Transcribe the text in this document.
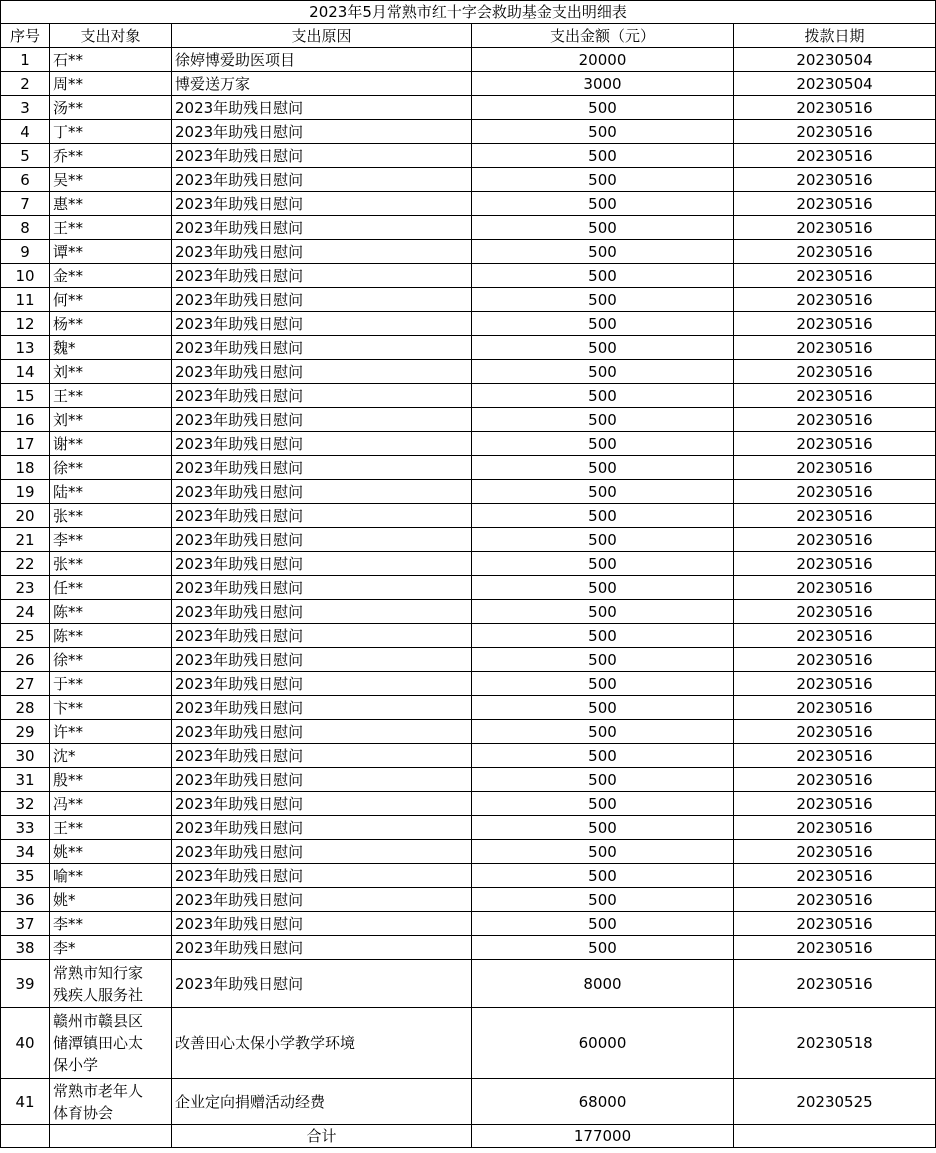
2023年5月常熟市红十字会救助基金支出明细表				
序号	支出对象	支出原因	支出金额（元）	拨款日期
1	石**	徐婷博爱助医项目	20000	20230504
2	周**	博爱送万家	3000	20230504
3	汤**	2023年助残日慰问	500	20230516
4	丁**	2023年助残日慰问	500	20230516
5	乔**	2023年助残日慰问	500	20230516
6	吴**	2023年助残日慰问	500	20230516
7	惠**	2023年助残日慰问	500	20230516
8	王**	2023年助残日慰问	500	20230516
9	谭**	2023年助残日慰问	500	20230516
10	金**	2023年助残日慰问	500	20230516
11	何**	2023年助残日慰问	500	20230516
12	杨**	2023年助残日慰问	500	20230516
13	魏*	2023年助残日慰问	500	20230516
14	刘**	2023年助残日慰问	500	20230516
15	王**	2023年助残日慰问	500	20230516
16	刘**	2023年助残日慰问	500	20230516
17	谢**	2023年助残日慰问	500	20230516
18	徐**	2023年助残日慰问	500	20230516
19	陆**	2023年助残日慰问	500	20230516
20	张**	2023年助残日慰问	500	20230516
21	李**	2023年助残日慰问	500	20230516
22	张**	2023年助残日慰问	500	20230516
23	任**	2023年助残日慰问	500	20230516
24	陈**	2023年助残日慰问	500	20230516
25	陈**	2023年助残日慰问	500	20230516
26	徐**	2023年助残日慰问	500	20230516
27	于**	2023年助残日慰问	500	20230516
28	卞**	2023年助残日慰问	500	20230516
29	许**	2023年助残日慰问	500	20230516
30	沈*	2023年助残日慰问	500	20230516
31	殷**	2023年助残日慰问	500	20230516
32	冯**	2023年助残日慰问	500	20230516
33	王**	2023年助残日慰问	500	20230516
34	姚**	2023年助残日慰问	500	20230516
35	喻**	2023年助残日慰问	500	20230516
36	姚*	2023年助残日慰问	500	20230516
37	李**	2023年助残日慰问	500	20230516
38	李*	2023年助残日慰问	500	20230516
39	常熟市知行家
残疾人服务社	2023年助残日慰问	8000	20230516
40	赣州市赣县区
储潭镇田心太
保小学	改善田心太保小学教学环境	60000	20230518
41	常熟市老年人
体育协会	企业定向捐赠活动经费	68000	20230525
		合计	177000	
